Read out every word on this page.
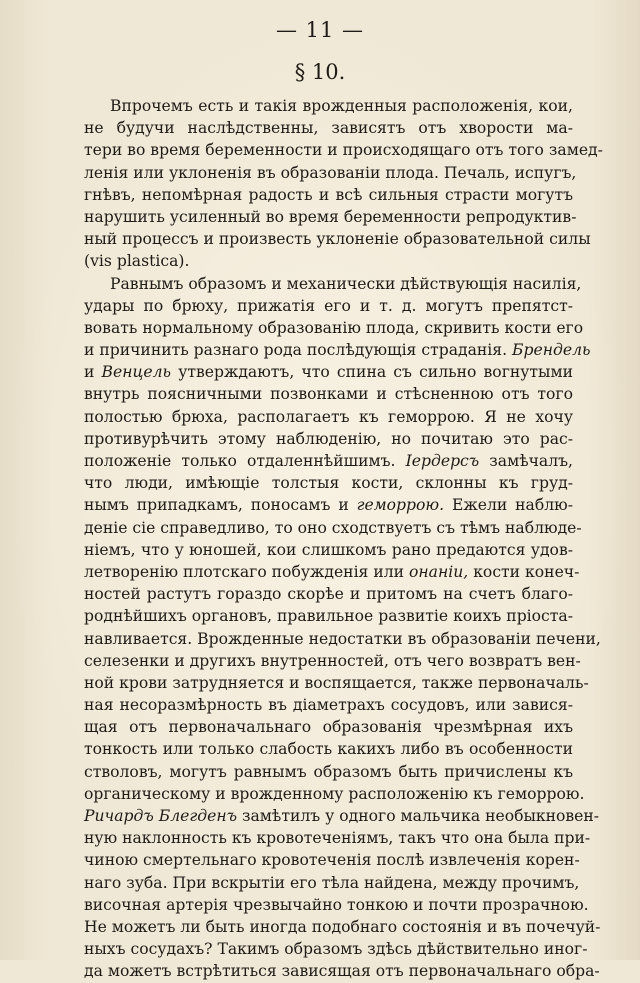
— 11 —
§ 10.
Впрочемъ есть и такія врожденныя расположенія, кои,
не будучи наслѣдственны, зависятъ отъ хворости ма-
тери во время беременности и происходящаго отъ того замед-
ленія или уклоненія въ образованіи плода. Печаль, испугъ,
гнѣвъ, непомѣрная радость и всѣ сильныя страсти могутъ
нарушить усиленный во время беременности репродуктив-
ный процессъ и произвесть уклоненіе образовательной силы
(vis plastica).
Равнымъ образомъ и механически дѣйствующія насилія,
удары по брюху, прижатія его и т. д. могутъ препятст-
вовать нормальному образованію плода, скривить кости его
и причинить разнаго рода послѣдующія страданія. Брендель
и Венцель утверждаютъ, что спина съ сильно вогнутыми
внутрь поясничными позвонками и стѣсненною отъ того
полостью брюха, располагаетъ къ геморрою. Я не хочу
противурѣчить этому наблюденію, но почитаю это рас-
положеніе только отдаленнѣйшимъ. Іердерсъ замѣчалъ,
что люди, имѣющіе толстыя кости, склонны къ груд-
нымъ припадкамъ, поносамъ и геморрою. Ежели наблю-
деніе сіе справедливо, то оно сходствуетъ съ тѣмъ наблюде-
ніемъ, что у юношей, кои слишкомъ рано предаются удов-
летворенію плотскаго побужденія или онаніи, кости конеч-
ностей растутъ гораздо скорѣе и притомъ на счетъ благо-
роднѣйшихъ органовъ, правильное развитіе коихъ пріоста-
навливается. Врожденные недостатки въ образованіи печени,
селезенки и другихъ внутренностей, отъ чего возвратъ вен-
ной крови затрудняется и воспящается, также первоначаль-
ная несоразмѣрность въ діаметрахъ сосудовъ, или завися-
щая отъ первоначальнаго образованія чрезмѣрная ихъ
тонкость или только слабость какихъ либо въ особенности
стволовъ, могутъ равнымъ образомъ быть причислены къ
органическому и врожденному расположенію къ геморрою.
Ричардъ Блегденъ замѣтилъ у одного мальчика необыкновен-
ную наклонность къ кровотеченіямъ, такъ что она была при-
чиною смертельнаго кровотеченія послѣ извлеченія корен-
наго зуба. При вскрытіи его тѣла найдена, между прочимъ,
височная артерія чрезвычайно тонкою и почти прозрачною.
Не можетъ ли быть иногда подобнаго состоянія и въ почечуй-
ныхъ сосудахъ? Такимъ образомъ здѣсь дѣйствительно иног-
да можетъ встрѣтиться зависящая отъ первоначальнаго обра-
